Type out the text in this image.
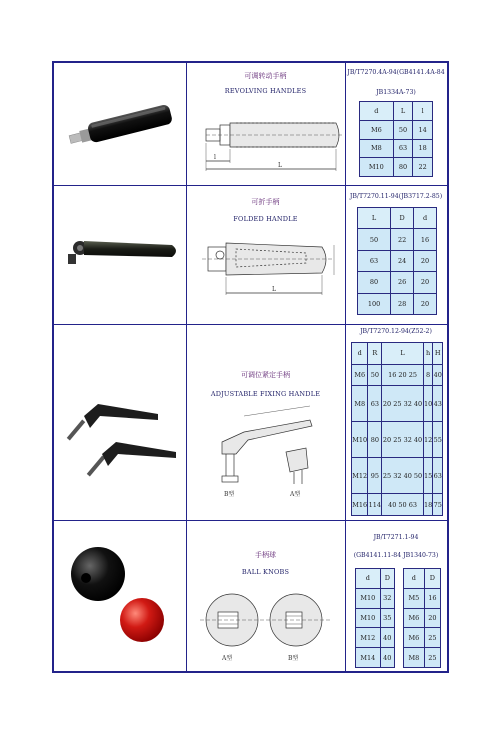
可调转动手柄
REVOLVING HANDLES
l
L
JB/T7270.4A-94(GB4141.4A-84
JB1334A-73)
d	L	l
M6	50	14
M8	63	18
M10	80	22
可折手柄
FOLDED HANDLE
L
JB/T7270.11-94(JB3717.2-85)
L	D	d
50	22	16
63	24	20
80	26	20
100	28	20
可调位紧定手柄
ADJUSTABLE FIXING HANDLE
B型	A型
JB/T7270.12-94(Z52-2)
d	R	L	h	H
M6	50	16 20 25	8	40
M8	63	20 25 32 40	10	43
M10	80	20 25 32 40	12	55
M12	95	25 32 40 50	15	63
M16	114	40 50 63	18	75
手柄球
BALL KNOBS
A型	B型
JB/T7271.1-94
(GB4141.11-84 JB1340-73)
d	D
M10	32
M10	35
M12	40
M14	40
d	D
M5	16
M6	20
M6	25
M8	25
